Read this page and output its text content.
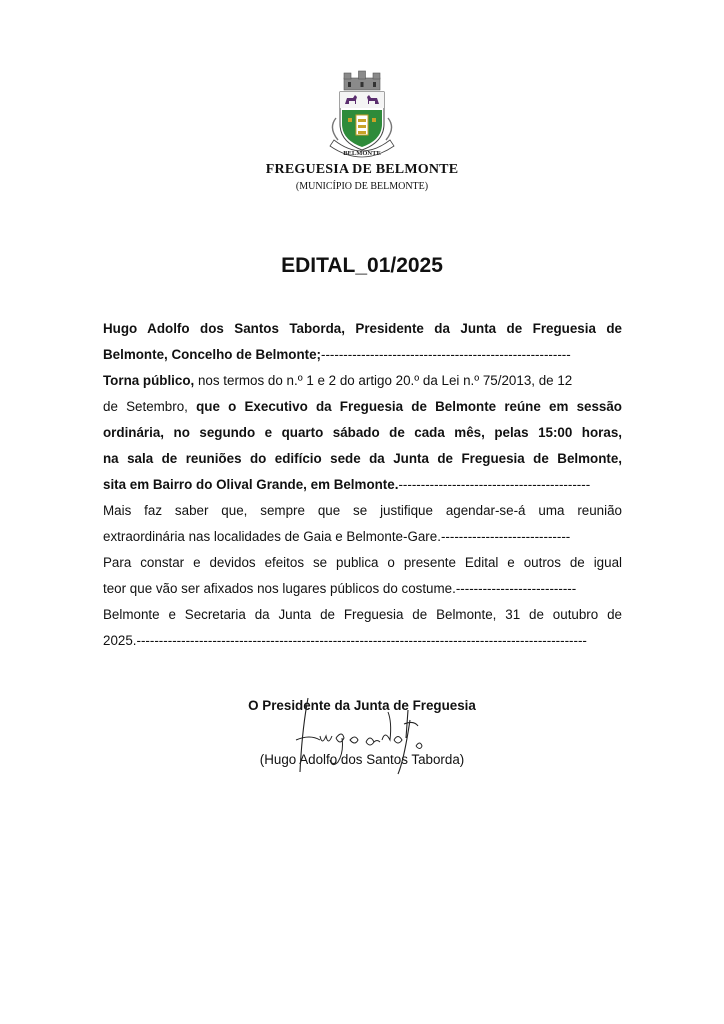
BELMONTE
FREGUESIA DE BELMONTE
(MUNICÍPIO DE BELMONTE)
EDITAL_01/2025
Hugo Adolfo dos Santos Taborda, Presidente da Junta de Freguesia de
Belmonte, Concelho de Belmonte;--------------------------------------------------------
Torna público, nos termos do n.º 1 e 2 do artigo 20.º da Lei n.º 75/2013, de 12
de Setembro, que o Executivo da Freguesia de Belmonte reúne em sessão
ordinária, no segundo e quarto sábado de cada mês, pelas 15:00 horas,
na sala de reuniões do edifício sede da Junta de Freguesia de Belmonte,
sita em Bairro do Olival Grande, em Belmonte.-------------------------------------------
Mais faz saber que, sempre que se justifique agendar-se-á uma reunião
extraordinária nas localidades de Gaia e Belmonte-Gare.-----------------------------
Para constar e devidos efeitos se publica o presente Edital e outros de igual
teor que vão ser afixados nos lugares públicos do costume.---------------------------
Belmonte e Secretaria da Junta de Freguesia de Belmonte, 31 de outubro de
2025.-----------------------------------------------------------------------------------------------------
O Presidente da Junta de Freguesia
(Hugo Adolfo dos Santos Taborda)
